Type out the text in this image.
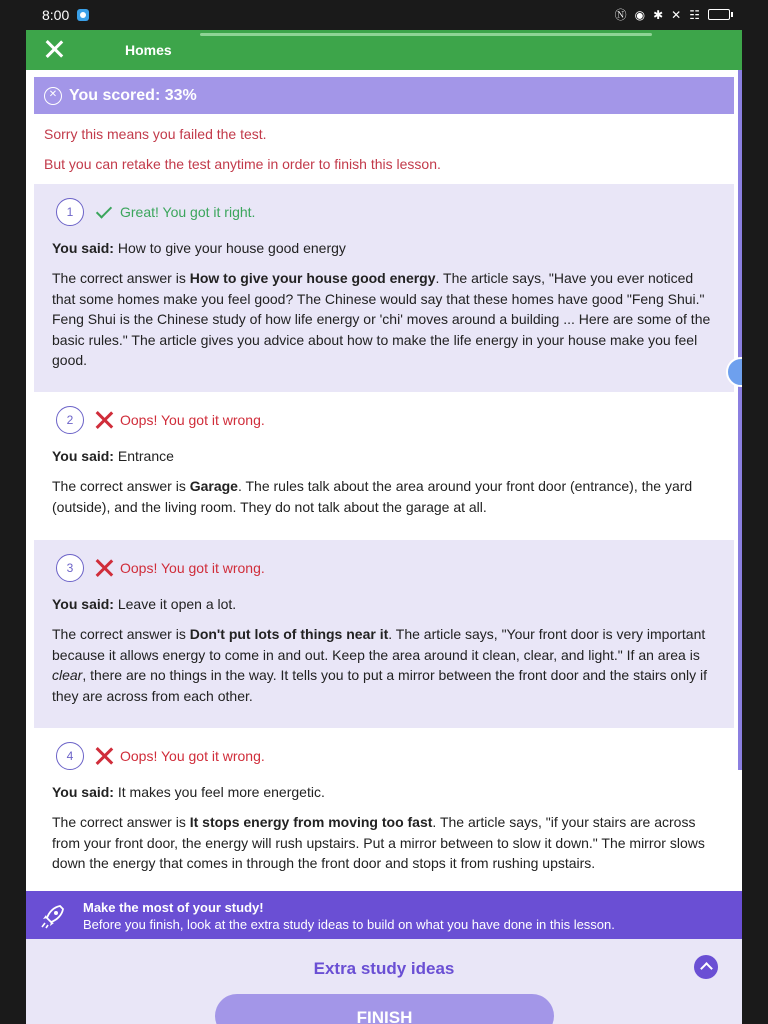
8:00	Ⓝ ◉ ✱ ✕ ☷
Homes
✕ You scored: 33%
Sorry this means you failed the test.
But you can retake the test anytime in order to finish this lesson.
1	Great! You got it right.
You said: How to give your house good energy
The correct answer is How to give your house good energy. The article says, "Have you ever noticed that some homes make you feel good? The Chinese would say that these homes have good "Feng Shui." Feng Shui is the Chinese study of how life energy or 'chi' moves around a building ... Here are some of the basic rules." The article gives you advice about how to make the life energy in your house make you feel good.
2	Oops! You got it wrong.
You said: Entrance
The correct answer is Garage. The rules talk about the area around your front door (entrance), the yard (outside), and the living room. They do not talk about the garage at all.
3	Oops! You got it wrong.
You said: Leave it open a lot.
The correct answer is Don't put lots of things near it. The article says, "Your front door is very important because it allows energy to come in and out. Keep the area around it clean, clear, and light." If an area is clear, there are no things in the way. It tells you to put a mirror between the front door and the stairs only if they are across from each other.
4	Oops! You got it wrong.
You said: It makes you feel more energetic.
The correct answer is It stops energy from moving too fast. The article says, "if your stairs are across from your front door, the energy will rush upstairs. Put a mirror between to slow it down." The mirror slows down the energy that comes in through the front door and stops it from rushing upstairs.
Make the most of your study!
Before you finish, look at the extra study ideas to build on what you have done in this lesson.
Extra study ideas
FINISH
